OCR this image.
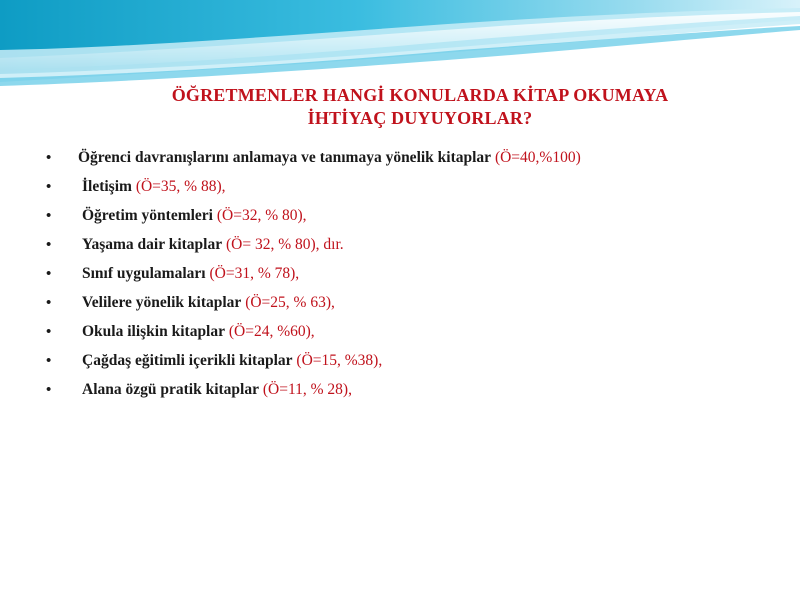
ÖĞRETMENLER HANGİ KONULARDA KİTAP OKUMAYA
İHTİYAÇ DUYUYORLAR?
• Öğrenci davranışlarını anlamaya ve tanımaya yönelik kitaplar (Ö=40,%100)
• İletişim (Ö=35, % 88),
• Öğretim yöntemleri (Ö=32, % 80),
• Yaşama dair kitaplar (Ö= 32, % 80), dır.
• Sınıf uygulamaları (Ö=31, % 78),
• Velilere yönelik kitaplar (Ö=25, % 63),
• Okula ilişkin kitaplar (Ö=24, %60),
• Çağdaş eğitimli içerikli kitaplar (Ö=15, %38),
• Alana özgü pratik kitaplar (Ö=11, % 28),
